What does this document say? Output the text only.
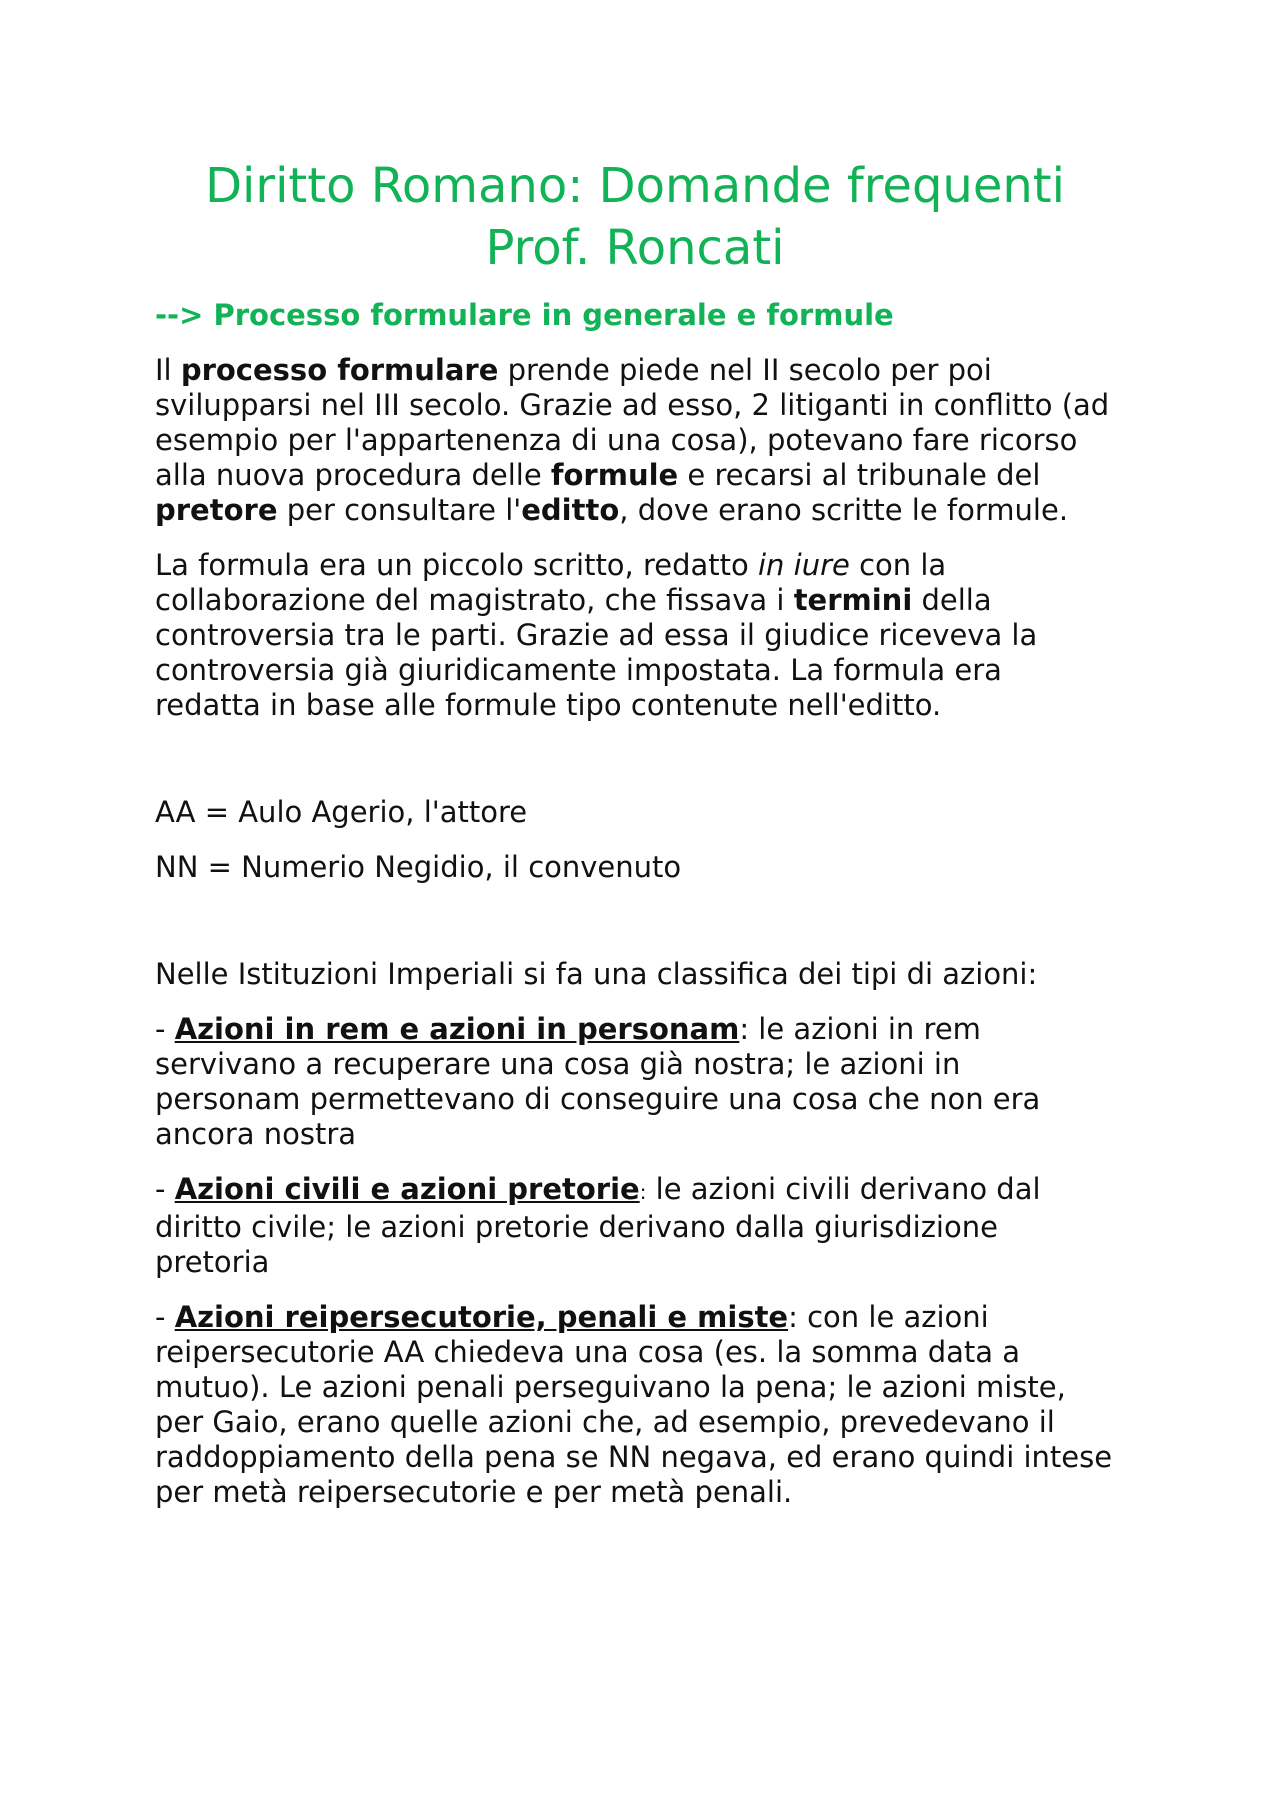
Diritto Romano: Domande frequenti
Prof. Roncati
--> Processo formulare in generale e formule

Il processo formulare prende piede nel II secolo per poi svilupparsi nel III secolo. Grazie ad esso, 2 litiganti in conflitto (ad esempio per l'appartenenza di una cosa), potevano fare ricorso alla nuova procedura delle formule e recarsi al tribunale del pretore per consultare l'editto, dove erano scritte le formule.

La formula era un piccolo scritto, redatto in iure con la collaborazione del magistrato, che fissava i termini della controversia tra le parti. Grazie ad essa il giudice riceveva la controversia già giuridicamente impostata. La formula era redatta in base alle formule tipo contenute nell'editto.

AA = Aulo Agerio, l'attore

NN = Numerio Negidio, il convenuto

Nelle Istituzioni Imperiali si fa una classifica dei tipi di azioni:

- Azioni in rem e azioni in personam: le azioni in rem servivano a recuperare una cosa già nostra; le azioni in personam permettevano di conseguire una cosa che non era ancora nostra

- Azioni civili e azioni pretorie: le azioni civili derivano dal diritto civile; le azioni pretorie derivano dalla giurisdizione pretoria

- Azioni reipersecutorie, penali e miste: con le azioni reipersecutorie AA chiedeva una cosa (es. la somma data a mutuo). Le azioni penali perseguivano la pena; le azioni miste, per Gaio, erano quelle azioni che, ad esempio, prevedevano il raddoppiamento della pena se NN negava, ed erano quindi intese per metà reipersecutorie e per metà penali.
